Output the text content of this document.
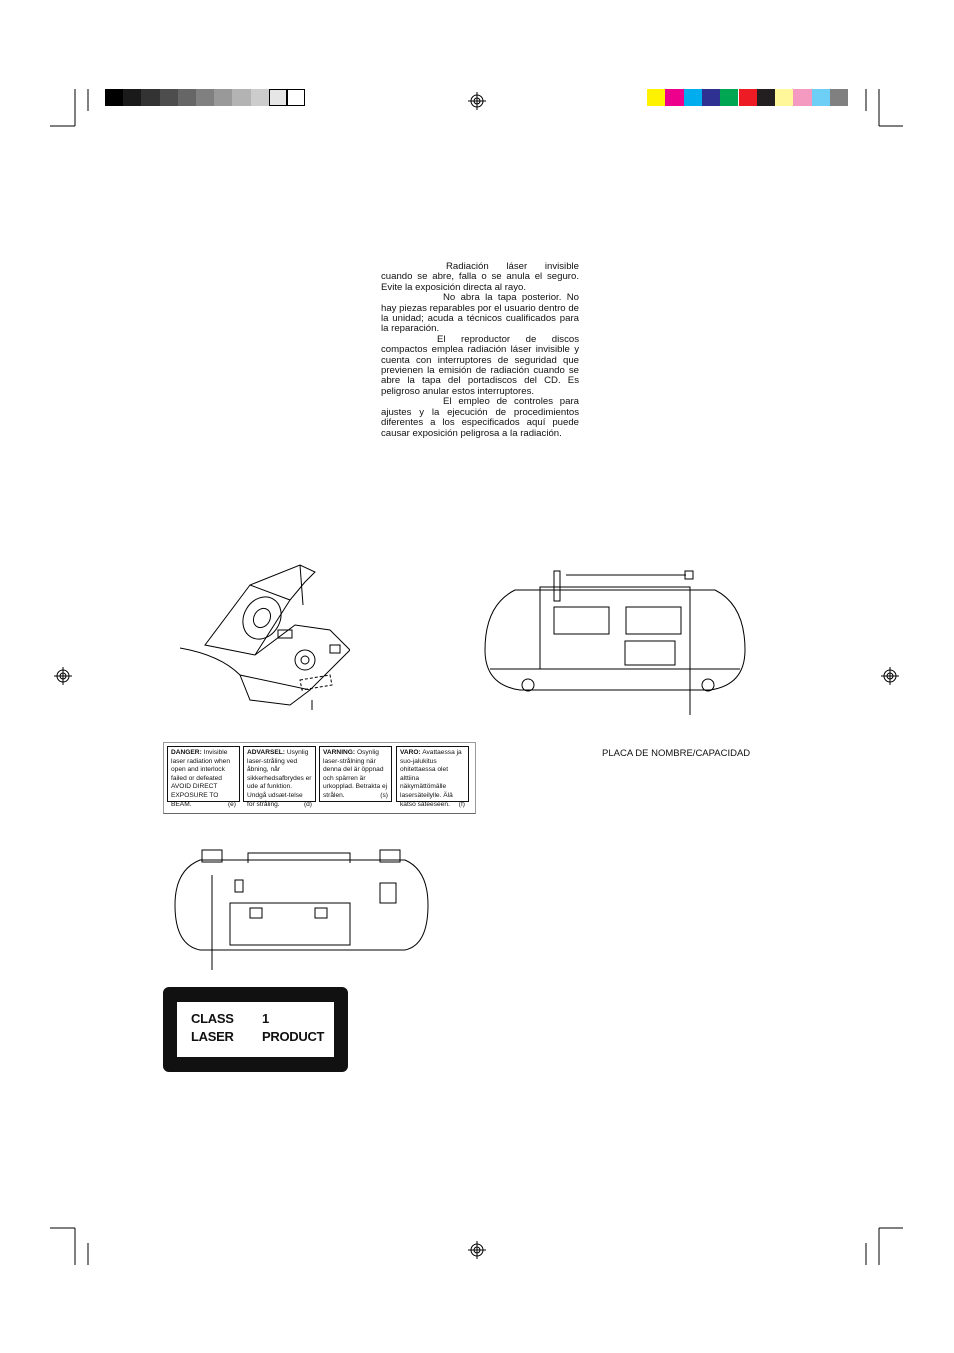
Radiación láser invisible cuando se abre, falla o se anula el seguro. Evite la exposición directa al rayo.
No abra la tapa posterior. No hay piezas reparables por el usuario dentro de la unidad; acuda a técnicos cualificados para la reparación.
El reproductor de discos compactos emplea radiación láser invisible y cuenta con interruptores de seguridad que previenen la emisión de radiación cuando se abre la tapa del portadiscos del CD. Es peligroso anular estos interruptores.
El empleo de controles para ajustes y la ejecución de procedimientos diferentes a los especificados aquí puede causar exposición peligrosa a la radiación.
PLACA DE NOMBRE/CAPACIDAD
CLASS 1
LASER PRODUCT
DANGER: Invisible laser radiation when open and interlock failed or defeated AVOID DIRECT EXPOSURE TO BEAM.	(e)
ADVARSEL: Usynlig laser-stråling ved åbning, når sikkerhedsafbrydes er ude af funktion. Undgå udsæt-telse for stråling.	(d)
VARNING: Osynlig laser-strålning när denna del är öppnad och spärren är urkopplad. Betrakta ej strålen.	(s)
VARO: Avattaessa ja suo-jalukitus ohitettaessa olet alttiina näkymättömälle lasersäteilylle. Älä katso säteeseen. (f)
